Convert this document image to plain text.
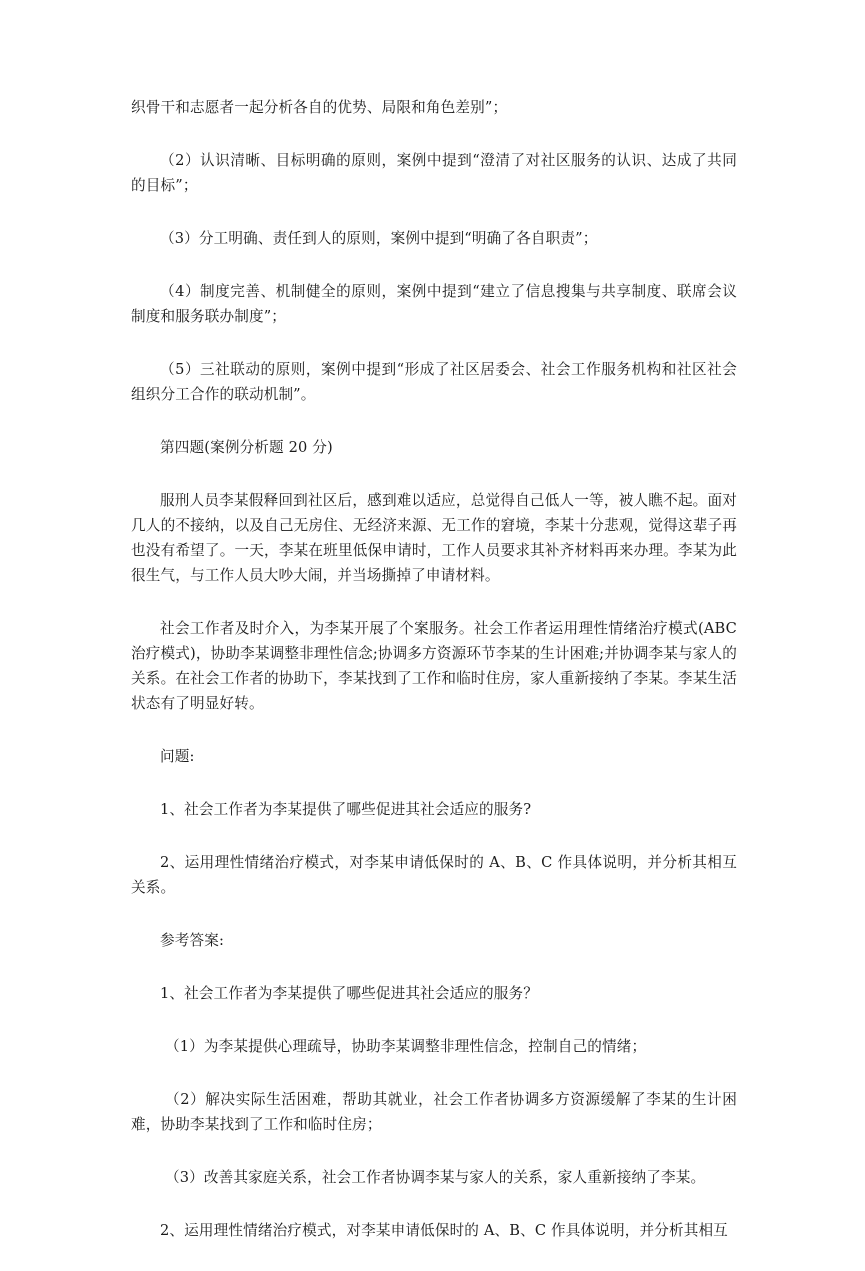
织骨干和志愿者一起分析各自的优势、局限和角色差别”；

（2）认识清晰、目标明确的原则，案例中提到“澄清了对社区服务的认识、达成了共同的目标”；

（3）分工明确、责任到人的原则，案例中提到“明确了各自职责”；

（4）制度完善、机制健全的原则，案例中提到“建立了信息搜集与共享制度、联席会议制度和服务联办制度”；

（5）三社联动的原则，案例中提到“形成了社区居委会、社会工作服务机构和社区社会组织分工合作的联动机制”。

第四题(案例分析题 20 分)

服刑人员李某假释回到社区后，感到难以适应，总觉得自己低人一等，被人瞧不起。面对几人的不接纳，以及自己无房住、无经济来源、无工作的窘境，李某十分悲观，觉得这辈子再也没有希望了。一天，李某在班里低保申请时，工作人员要求其补齐材料再来办理。李某为此很生气，与工作人员大吵大闹，并当场撕掉了申请材料。

社会工作者及时介入，为李某开展了个案服务。社会工作者运用理性情绪治疗模式(ABC 治疗模式)，协助李某调整非理性信念;协调多方资源环节李某的生计困难;并协调李某与家人的关系。在社会工作者的协助下，李某找到了工作和临时住房，家人重新接纳了李某。李某生活状态有了明显好转。

问题:

1、社会工作者为李某提供了哪些促进其社会适应的服务?

2、运用理性情绪治疗模式，对李某申请低保时的 A、B、C 作具体说明，并分析其相互关系。

参考答案:

1、社会工作者为李某提供了哪些促进其社会适应的服务？

（1）为李某提供心理疏导，协助李某调整非理性信念，控制自己的情绪；

（2）解决实际生活困难，帮助其就业，社会工作者协调多方资源缓解了李某的生计困难，协助李某找到了工作和临时住房；

（3）改善其家庭关系，社会工作者协调李某与家人的关系，家人重新接纳了李某。

2、运用理性情绪治疗模式，对李某申请低保时的 A、B、C 作具体说明，并分析其相互
